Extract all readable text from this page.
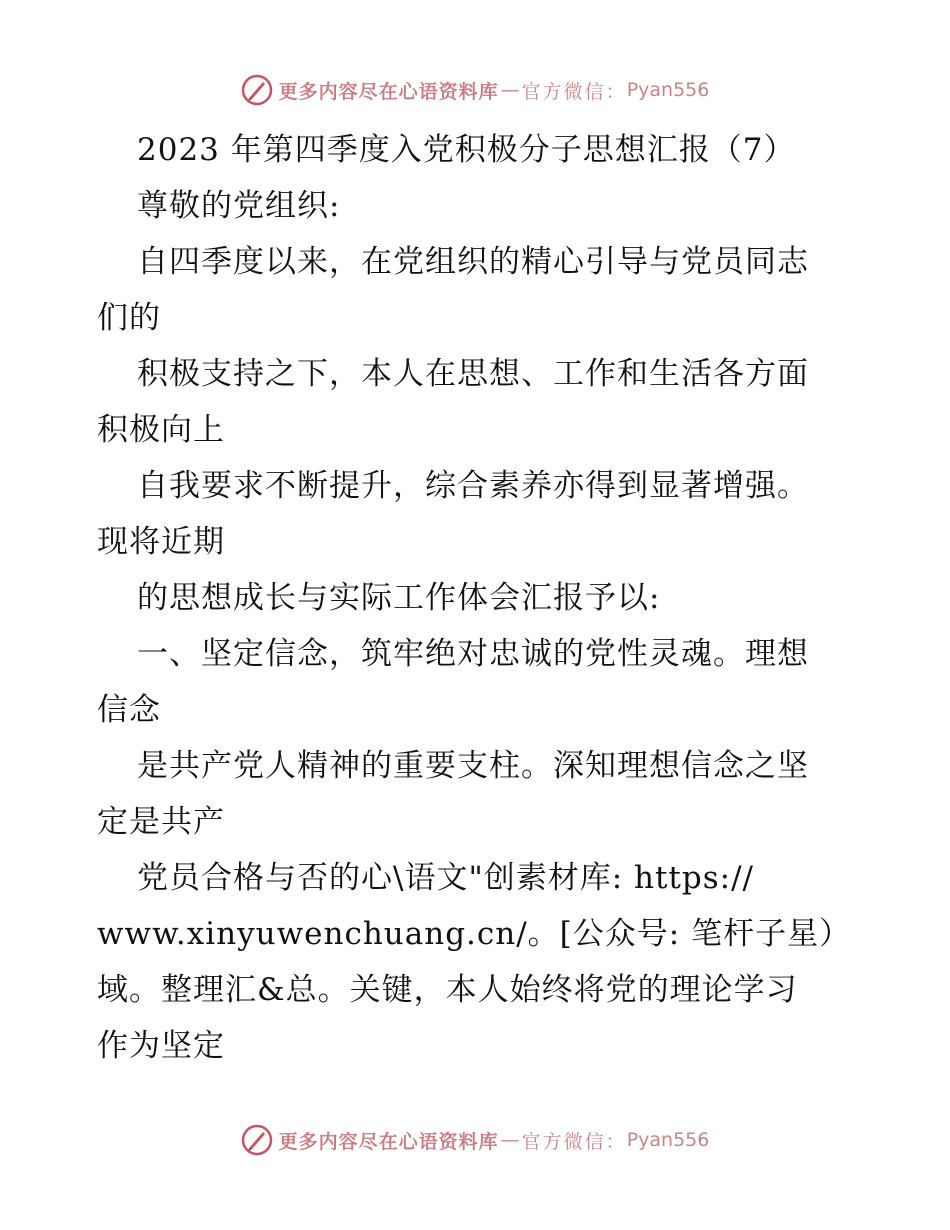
更多内容尽在心语资料库 — 官方微信： Pyan556
2023 年第四季度入党积极分子思想汇报（7）
尊敬的党组织:
自四季度以来，在党组织的精心引导与党员同志
们的
积极支持之下，本人在思想、工作和生活各方面
积极向上
自我要求不断提升，综合素养亦得到显著增强。
现将近期
的思想成长与实际工作体会汇报予以:
一、坚定信念，筑牢绝对忠诚的党性灵魂。理想
信念
是共产党人精神的重要支柱。深知理想信念之坚
定是共产
党员合格与否的心\语文"创素材库: https://
www.xinyuwenchuang.cn/。[公众号: 笔杆子星）
域。整理汇&总。关键，本人始终将党的理论学习
作为坚定
更多内容尽在心语资料库 — 官方微信： Pyan556
